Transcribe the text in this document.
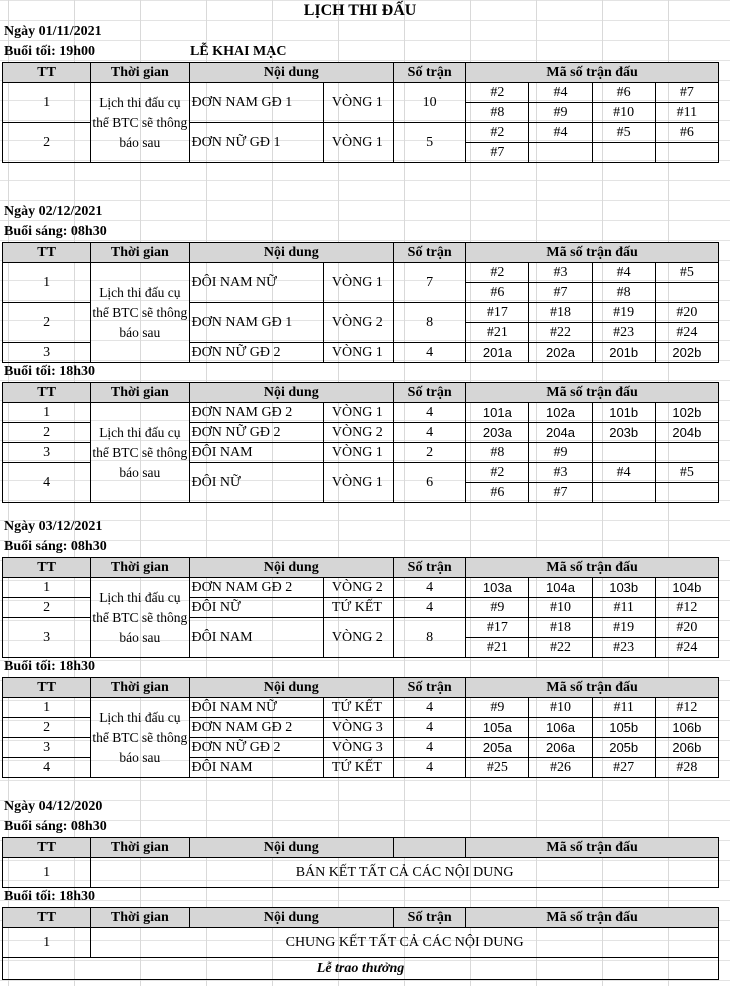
LỊCH THI ĐẤU
Ngày 01/11/2021
Buổi tối: 19h00	LỄ KHAI MẠC
TT	Thời gian	Nội dung		Số trận	Mã số trận đấu			
1	Lịch thi đấu cụ thể BTC sẽ thông báo sau	ĐƠN NAM GĐ 1	VÒNG 1	10	#2	#4	#6	#7
					#8	#9	#10	#11
2		ĐƠN NỮ GĐ 1	VÒNG 1	5	#2	#4	#5	#6
					#7			
Ngày 02/12/2021
Buổi sáng: 08h30
TT	Thời gian	Nội dung		Số trận	Mã số trận đấu			
1	Lịch thi đấu cụ thể BTC sẽ thông báo sau	ĐÔI NAM NỮ	VÒNG 1	7	#2	#3	#4	#5
					#6	#7	#8	
2		ĐƠN NAM GĐ 1	VÒNG 2	8	#17	#18	#19	#20
					#21	#22	#23	#24
3		ĐƠN NỮ GĐ 2	VÒNG 1	4	201a	202a	201b	202b
Buổi tối: 18h30
TT	Thời gian	Nội dung		Số trận	Mã số trận đấu			
1	Lịch thi đấu cụ thể BTC sẽ thông báo sau	ĐƠN NAM GĐ 2	VÒNG 1	4	101a	102a	101b	102b
2		ĐƠN NỮ GĐ 2	VÒNG 2	4	203a	204a	203b	204b
3		ĐÔI NAM	VÒNG 1	2	#8	#9		
4		ĐÔI NỮ	VÒNG 1	6	#2	#3	#4	#5
					#6	#7		
Ngày 03/12/2021
Buổi sáng: 08h30
TT	Thời gian	Nội dung		Số trận	Mã số trận đấu			
1	Lịch thi đấu cụ thể BTC sẽ thông báo sau	ĐƠN NAM GĐ 2	VÒNG 2	4	103a	104a	103b	104b
2		ĐÔI NỮ	TỨ KẾT	4	#9	#10	#11	#12
3		ĐÔI NAM	VÒNG 2	8	#17	#18	#19	#20
					#21	#22	#23	#24
Buổi tối: 18h30
TT	Thời gian	Nội dung		Số trận	Mã số trận đấu			
1	Lịch thi đấu cụ thể BTC sẽ thông báo sau	ĐÔI NAM NỮ	TỨ KẾT	4	#9	#10	#11	#12
2		ĐƠN NAM GĐ 2	VÒNG 3	4	105a	106a	105b	106b
3		ĐƠN NỮ GĐ 2	VÒNG 3	4	205a	206a	205b	206b
4		ĐÔI NAM	TỨ KẾT	4	#25	#26	#27	#28
Ngày 04/12/2020
Buổi sáng: 08h30
TT	Thời gian	Nội dung		Mã số trận đấu
1	BÁN KẾT TẤT CẢ CÁC NỘI DUNG			
Buổi tối: 18h30
TT	Thời gian	Nội dung	Số trận	Mã số trận đấu
1	CHUNG KẾT TẤT CẢ CÁC NỘI DUNG			
Lễ trao thưởng				
